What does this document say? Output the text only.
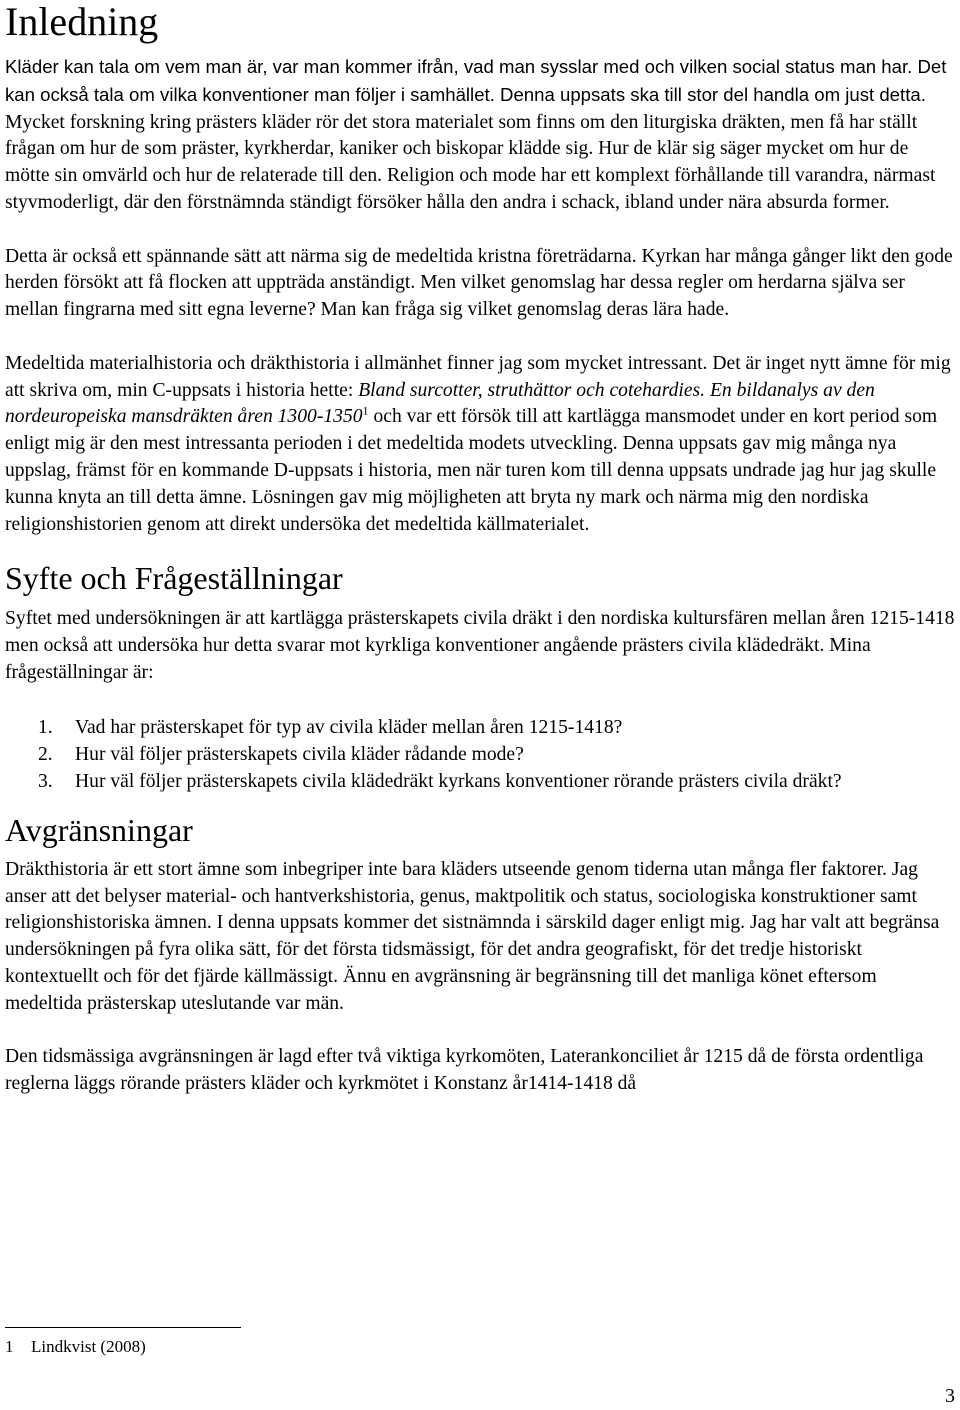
Inledning

Kläder kan tala om vem man är, var man kommer ifrån, vad man sysslar med och vilken social status man har. Det kan också tala om vilka konventioner man följer i samhället. Denna uppsats ska till stor del handla om just detta. Mycket forskning kring prästers kläder rör det stora materialet som finns om den liturgiska dräkten, men få har ställt frågan om hur de som präster, kyrkherdar, kaniker och biskopar klädde sig. Hur de klär sig säger mycket om hur de mötte sin omvärld och hur de relaterade till den. Religion och mode har ett komplext förhållande till varandra, närmast styvmoderligt, där den förstnämnda ständigt försöker hålla den andra i schack, ibland under nära absurda former.

Detta är också ett spännande sätt att närma sig de medeltida kristna företrädarna. Kyrkan har många gånger likt den gode herden försökt att få flocken att uppträda anständigt. Men vilket genomslag har dessa regler om herdarna själva ser mellan fingrarna med sitt egna leverne? Man kan fråga sig vilket genomslag deras lära hade.

Medeltida materialhistoria och dräkthistoria i allmänhet finner jag som mycket intressant. Det är inget nytt ämne för mig att skriva om, min C-uppsats i historia hette: Bland surcotter, struthättor och cotehardies. En bildanalys av den nordeuropeiska mansdräkten åren 1300-1350$^1$ och var ett försök till att kartlägga mansmodet under en kort period som enligt mig är den mest intressanta perioden i det medeltida modets utveckling. Denna uppsats gav mig många nya uppslag, främst för en kommande D-uppsats i historia, men när turen kom till denna uppsats undrade jag hur jag skulle kunna knyta an till detta ämne. Lösningen gav mig möjligheten att bryta ny mark och närma mig den nordiska religionshistorien genom att direkt undersöka det medeltida källmaterialet.

Syfte och Frågeställningar

Syftet med undersökningen är att kartlägga prästerskapets civila dräkt i den nordiska kultursfären mellan åren 1215-1418 men också att undersöka hur detta svarar mot kyrkliga konventioner angående prästers civila klädedräkt. Mina frågeställningar är:

1. Vad har prästerskapet för typ av civila kläder mellan åren 1215-1418?
2. Hur väl följer prästerskapets civila kläder rådande mode?
3. Hur väl följer prästerskapets civila klädedräkt kyrkans konventioner rörande prästers civila dräkt?
Avgränsningar

Dräkthistoria är ett stort ämne som inbegriper inte bara kläders utseende genom tiderna utan många fler faktorer. Jag anser att det belyser material- och hantverkshistoria, genus, maktpolitik och status, sociologiska konstruktioner samt religionshistoriska ämnen. I denna uppsats kommer det sistnämnda i särskild dager enligt mig. Jag har valt att begränsa undersökningen på fyra olika sätt, för det första tidsmässigt, för det andra geografiskt, för det tredje historiskt kontextuellt och för det fjärde källmässigt. Ännu en avgränsning är begränsning till det manliga könet eftersom medeltida prästerskap uteslutande var män.

Den tidsmässiga avgränsningen är lagd efter två viktiga kyrkomöten, Laterankonciliet år 1215 då de första ordentliga reglerna läggs rörande prästers kläder och kyrkmötet i Konstanz år1414-1418 då

1 Lindkvist (2008)
3
